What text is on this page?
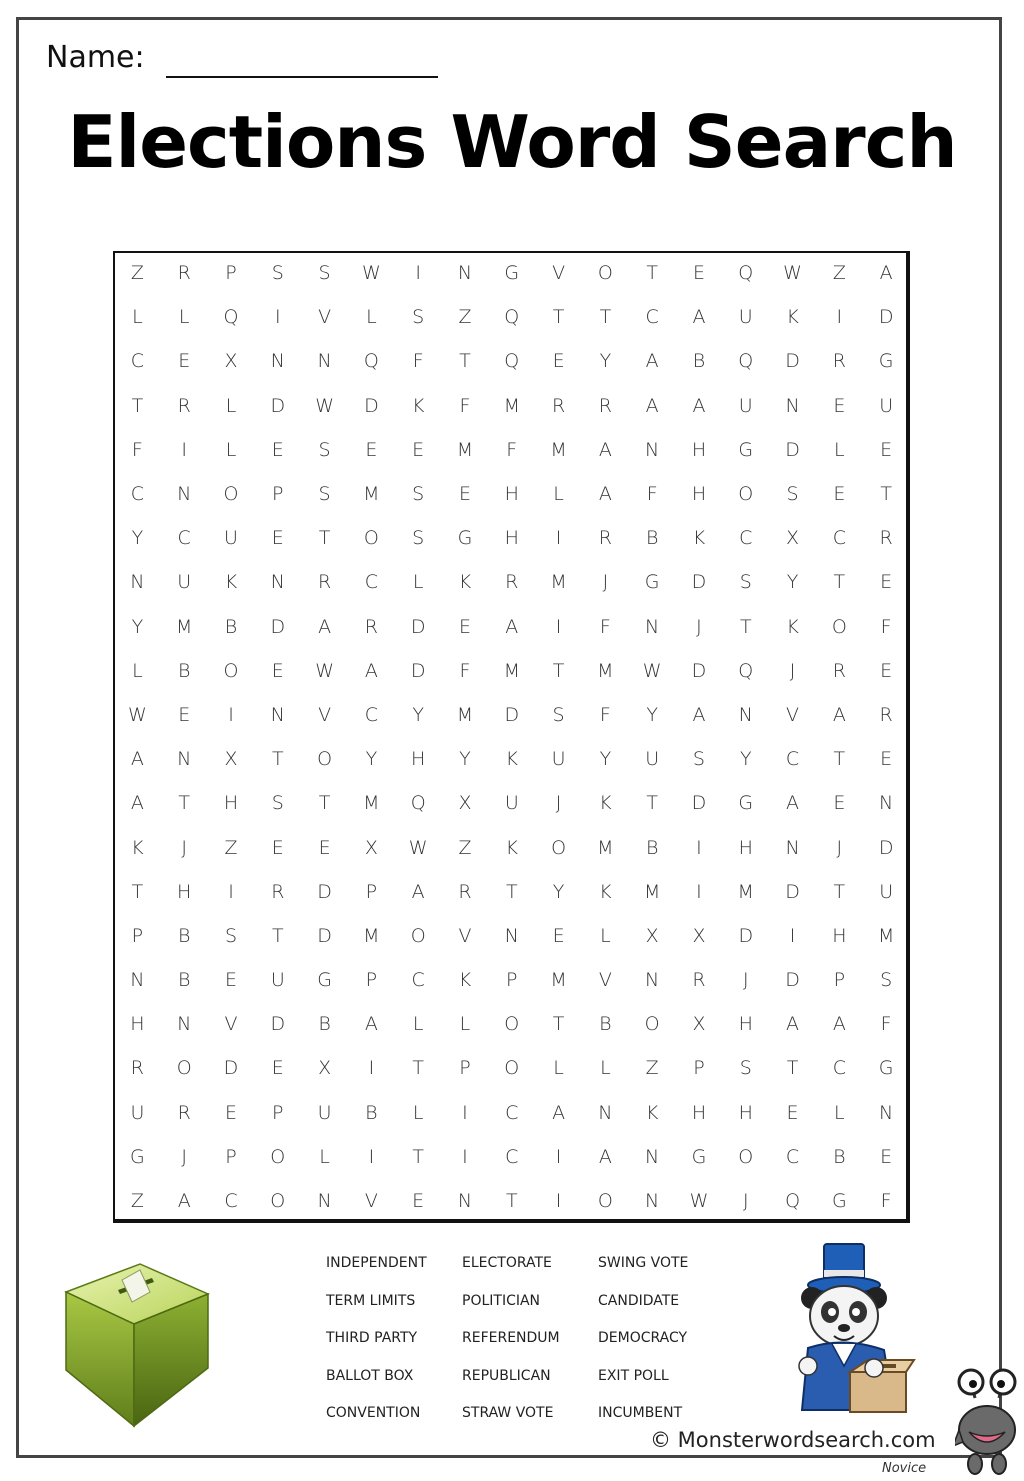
Name:
Elections Word Search
Z	R	P	S	S	W	I	N	G	V	O	T	E	Q	W	Z	A
L	L	Q	I	V	L	S	Z	Q	T	T	C	A	U	K	I	D
C	E	X	N	N	Q	F	T	Q	E	Y	A	B	Q	D	R	G
T	R	L	D	W	D	K	F	M	R	R	A	A	U	N	E	U
F	I	L	E	S	E	E	M	F	M	A	N	H	G	D	L	E
C	N	O	P	S	M	S	E	H	L	A	F	H	O	S	E	T
Y	C	U	E	T	O	S	G	H	I	R	B	K	C	X	C	R
N	U	K	N	R	C	L	K	R	M	J	G	D	S	Y	T	E
Y	M	B	D	A	R	D	E	A	I	F	N	J	T	K	O	F
L	B	O	E	W	A	D	F	M	T	M	W	D	Q	J	R	E
W	E	I	N	V	C	Y	M	D	S	F	Y	A	N	V	A	R
A	N	X	T	O	Y	H	Y	K	U	Y	U	S	Y	C	T	E
A	T	H	S	T	M	Q	X	U	J	K	T	D	G	A	E	N
K	J	Z	E	E	X	W	Z	K	O	M	B	I	H	N	J	D
T	H	I	R	D	P	A	R	T	Y	K	M	I	M	D	T	U
P	B	S	T	D	M	O	V	N	E	L	X	X	D	I	H	M
N	B	E	U	G	P	C	K	P	M	V	N	R	J	D	P	S
H	N	V	D	B	A	L	L	O	T	B	O	X	H	A	A	F
R	O	D	E	X	I	T	P	O	L	L	Z	P	S	T	C	G
U	R	E	P	U	B	L	I	C	A	N	K	H	H	E	L	N
G	J	P	O	L	I	T	I	C	I	A	N	G	O	C	B	E
Z	A	C	O	N	V	E	N	T	I	O	N	W	J	Q	G	F
INDEPENDENT	ELECTORATE	SWING VOTE
TERM LIMITS	POLITICIAN	CANDIDATE
THIRD PARTY	REFERENDUM	DEMOCRACY
BALLOT BOX	REPUBLICAN	EXIT POLL
CONVENTION	STRAW VOTE	INCUMBENT
© Monsterwordsearch.com
Novice
